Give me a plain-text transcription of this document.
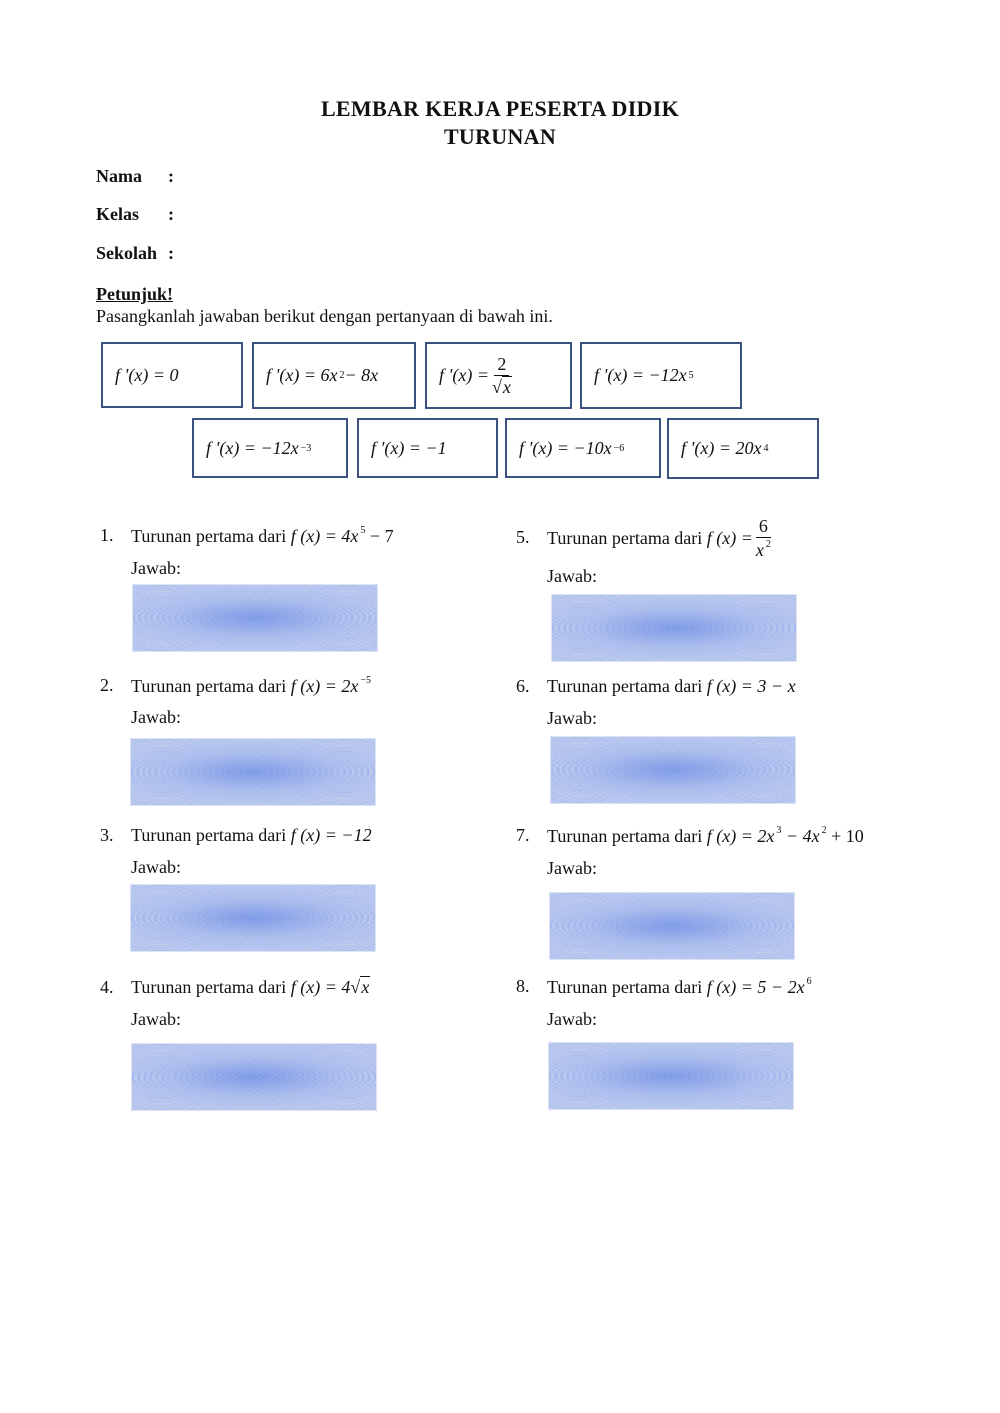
LEMBAR KERJA PESERTA DIDIK
TURUNAN
Nama :
Kelas :
Sekolah :
Petunjuk!
Pasangkanlah jawaban berikut dengan pertanyaan di bawah ini.
f '(x) = 0	f '(x) = 6x 2 − 8x	f '$(x) = \frac{2}{√x}$	f '(x) = −12x 5
f '(x) = −12x −3	f '(x) = −1	f '(x) = −10x −6	f '(x) = 20x 4
1. Turunan pertama dari f (x) = 4x $^5$ − 7
Jawab:
2. Turunan pertama dari f (x) = 2x $^{-5}$
Jawab:
3. Turunan pertama dari f (x) = −12
Jawab:
4. Turunan pertama dari f (x) = 4√x
Jawab:
5. Turunan pertama dari
f $(x) = \frac{6}{x ^2}$
Jawab:
6. Turunan pertama dari f (x) = 3 − x
Jawab:
7. Turunan pertama dari f (x) = 2x $^3$ − 4x $^2$ + 10
Jawab:
8. Turunan pertama dari f (x) = 5 − 2x $^6$
Jawab:
